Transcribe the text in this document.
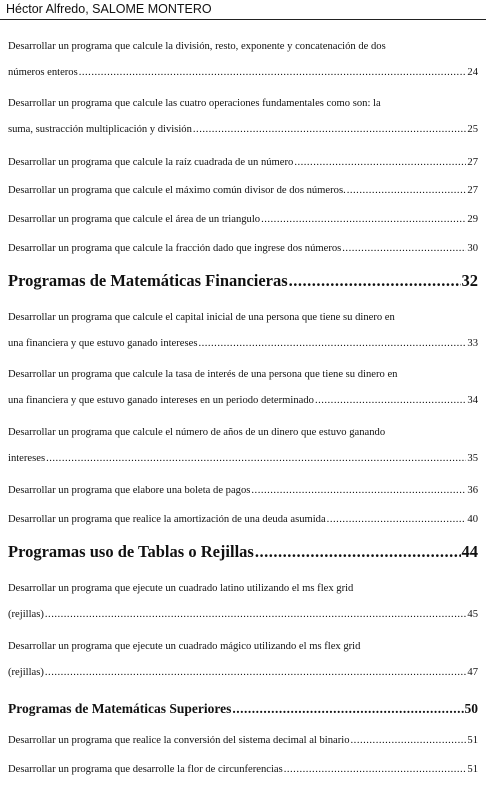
Héctor Alfredo, SALOME MONTERO
Desarrollar un programa que calcule la división, resto, exponente y concatenación de dos
números enteros .....	24
Desarrollar un programa que calcule las cuatro operaciones fundamentales como son: la
suma, sustracción multiplicación y división .....	25
Desarrollar un programa que calcule la raíz cuadrada de un número .....	27
Desarrollar un programa que calcule el máximo común divisor de dos números. .....	27
Desarrollar un programa que calcule el área de un triangulo .....	29
Desarrollar un programa que calcule la fracción dado que ingrese dos números .....	30
Programas de Matemáticas Financieras .....	32
Desarrollar un programa que calcule el capital inicial de una persona que tiene su dinero en
una financiera y que estuvo ganado intereses .....	33
Desarrollar un programa que calcule la tasa de interés de una persona que tiene su dinero en
una financiera y que estuvo ganado intereses en un periodo determinado .....	34
Desarrollar un programa que calcule el número de años de un dinero que estuvo ganando
intereses .....	35
Desarrollar un programa que elabore una boleta de pagos .....	36
Desarrollar un programa que realice la amortización de una deuda asumida .....	40
Programas uso de Tablas o Rejillas .....	44
Desarrollar un programa que ejecute un cuadrado latino utilizando el ms flex grid
(rejillas) .....	45
Desarrollar un programa que ejecute un cuadrado mágico utilizando el ms flex grid
(rejillas) .....	47
Programas de Matemáticas Superiores .....	50
Desarrollar un programa que realice la conversión del sistema decimal al binario .....	51
Desarrollar un programa que desarrolle la flor de circunferencias .....	51
